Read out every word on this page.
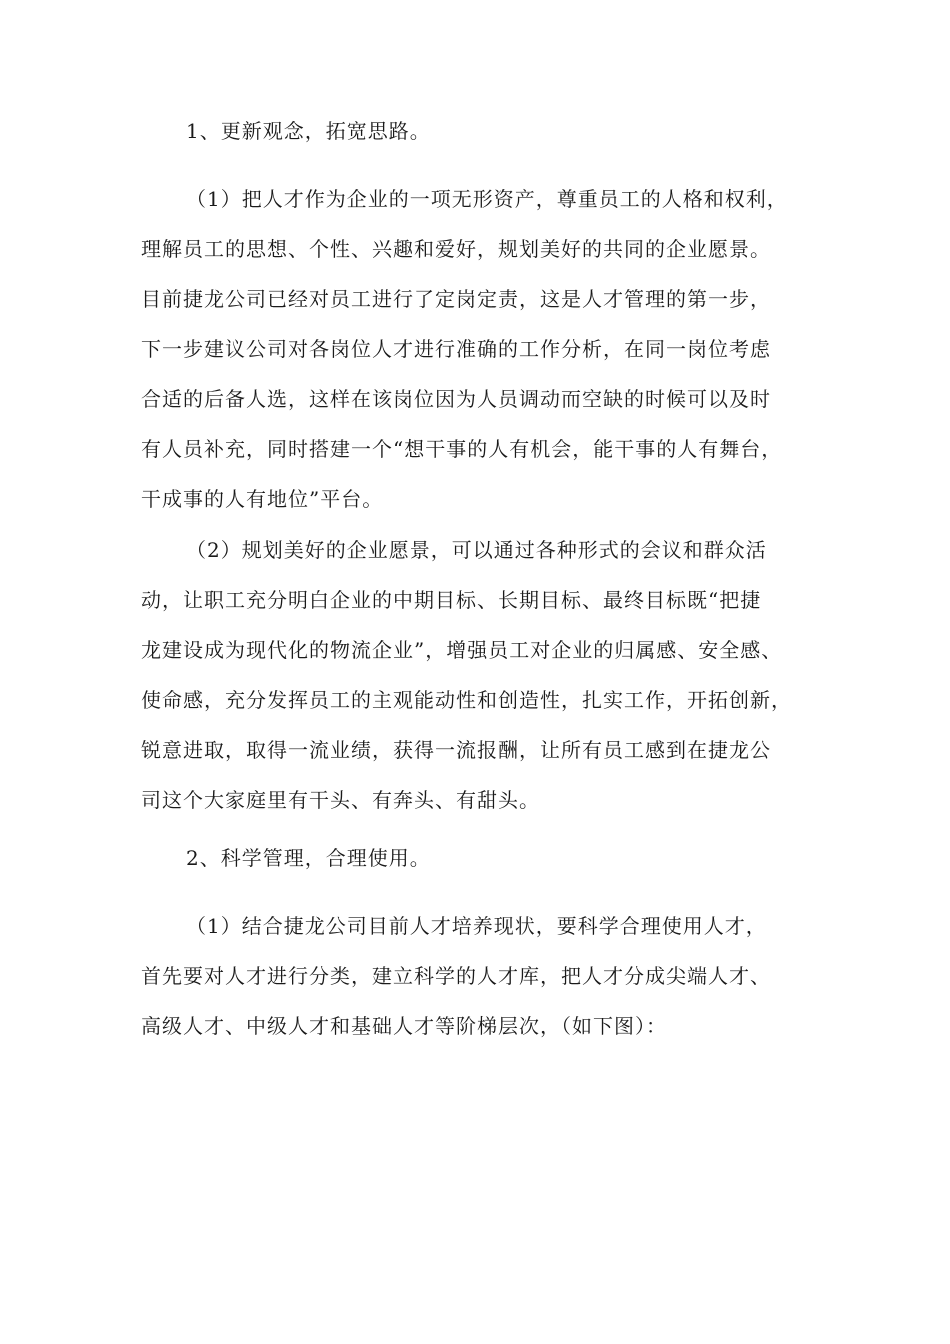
1、更新观念，拓宽思路。
（1）把人才作为企业的一项无形资产，尊重员工的人格和权利，
理解员工的思想、个性、兴趣和爱好，规划美好的共同的企业愿景。
目前捷龙公司已经对员工进行了定岗定责，这是人才管理的第一步，
下一步建议公司对各岗位人才进行准确的工作分析，在同一岗位考虑
合适的后备人选，这样在该岗位因为人员调动而空缺的时候可以及时
有人员补充，同时搭建一个“想干事的人有机会，能干事的人有舞台，
干成事的人有地位”平台。
（2）规划美好的企业愿景，可以通过各种形式的会议和群众活
动，让职工充分明白企业的中期目标、长期目标、最终目标既“把捷
龙建设成为现代化的物流企业”，增强员工对企业的归属感、安全感、
使命感，充分发挥员工的主观能动性和创造性，扎实工作，开拓创新，
锐意进取，取得一流业绩，获得一流报酬，让所有员工感到在捷龙公
司这个大家庭里有干头、有奔头、有甜头。
2、科学管理，合理使用。
（1）结合捷龙公司目前人才培养现状，要科学合理使用人才，
首先要对人才进行分类，建立科学的人才库，把人才分成尖端人才、
高级人才、中级人才和基础人才等阶梯层次，（如下图）：
